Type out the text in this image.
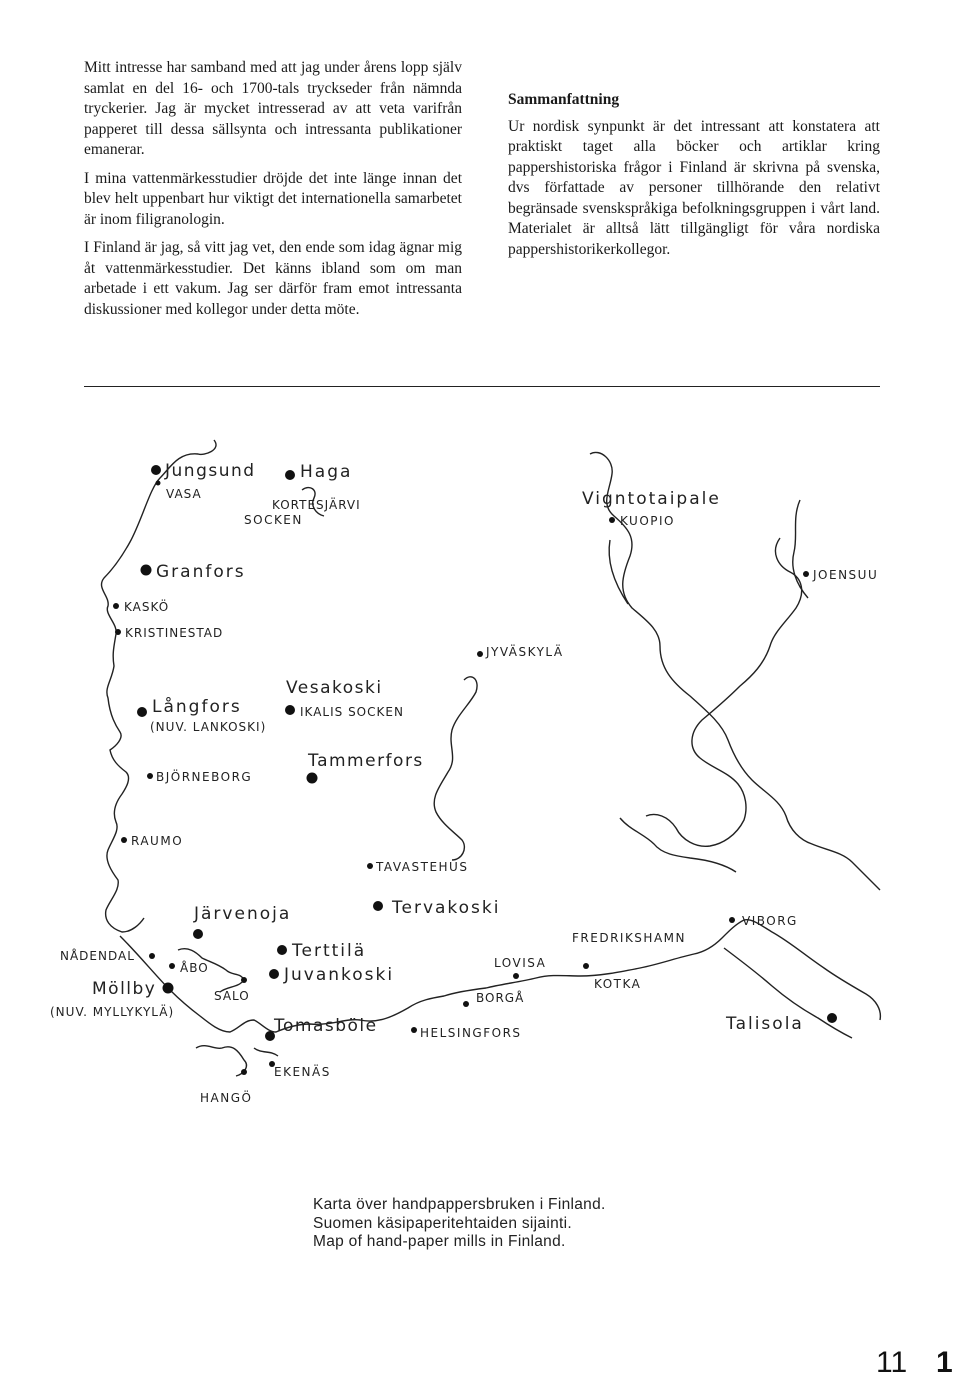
Mitt intresse har samband med att jag under årens lopp själv samlat en del 16- och 1700-tals tryckseder från nämnda tryckerier. Jag är mycket intresserad av att veta varifrån papperet till dessa sällsynta och intressanta publikationer emanerar.

I mina vattenmärkesstudier dröjde det inte länge innan det blev helt uppenbart hur viktigt det internationella samarbetet är inom filigranologin.

I Finland är jag, så vitt jag vet, den ende som idag ägnar mig åt vattenmärkesstudier. Det känns ibland som om man arbetade i ett vakum. Jag ser därför fram emot intressanta diskussioner med kollegor under detta möte.

Sammanfattning

Ur nordisk synpunkt är det intressant att konstatera att praktiskt taget alla böcker och artiklar kring pappershistoriska frågor i Finland är skrivna på svenska, dvs författade av personer tillhörande den relativt begränsade svenskspråkiga befolkningsgruppen i vårt land. Materialet är alltså lätt tillgängligt för våra nordiska pappershistorikerkollegor.

Jungsund	Haga
VASA
KORTESJÄRVI
SOCKEN
Vigntotaipale
KUOPIO
Granfors	JOENSUU
KASKÖ
KRISTINESTAD
JYVÄSKYLÄ
Vesakoski
IKALIS SOCKEN
Långfors
(NUV. LANKOSKI)
Tammerfors
BJÖRNEBORG
RAUMO
TAVASTEHUS
Järvenoja	Tervakoski
FREDRIKSHAMN
VIBORG
NÅDENDAL
ÅBO
Terttilä
LOVISA
Juvankoski	KOTKA
Möllby	SALO	BORGÅ
(NUV. MYLLYKYLÄ)
Tomasböle	HELSINGFORS	Talisola
EKENÄS
HANGÖ
Karta över handpappersbruken i Finland.
Suomen käsipaperitehtaiden sijainti.
Map of hand-paper mills in Finland.
11 1
